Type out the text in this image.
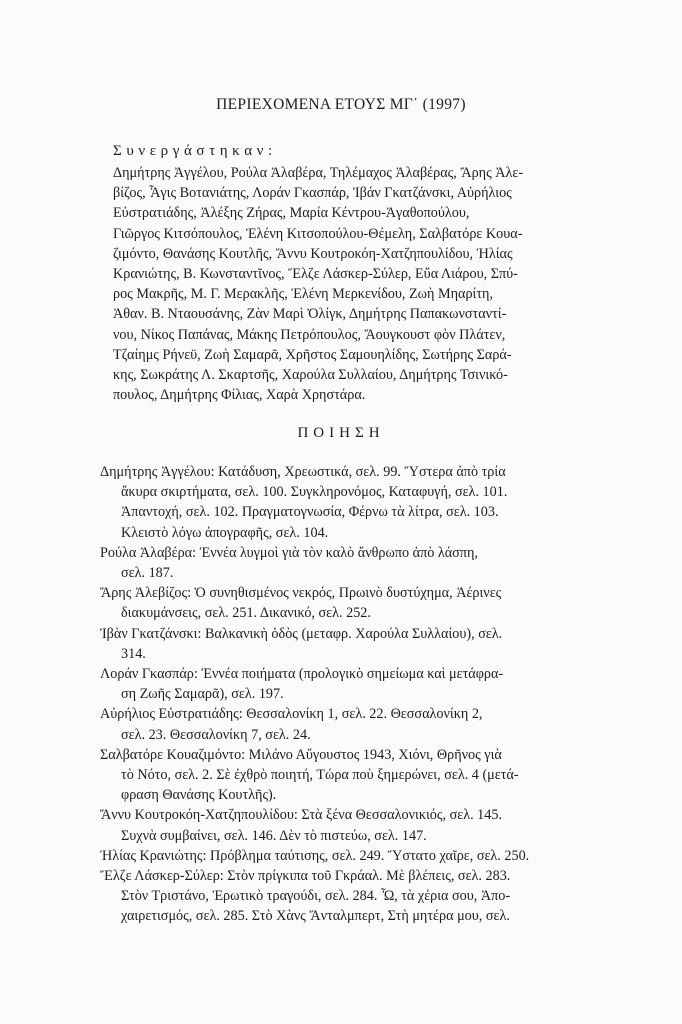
ΠΕΡΙΕΧΟΜΕΝΑ ΕΤΟΥΣ ΜΓ΄ (1997)
Συνεργάστηκαν:
Δημήτρης Ἀγγέλου, Ρούλα Ἀλαβέρα, Τηλέμαχος Ἀλαβέρας, Ἄρης Ἀλε-
βίζος, Ἆγις Βοτανιάτης, Λοράν Γκασπάρ, Ἰβάν Γκατζάνσκι, Αὐρήλιος
Εὐστρατιάδης, Ἀλέξης Ζήρας, Μαρία Κέντρου-Ἀγαθοπούλου,
Γιῶργος Κιτσόπουλος, Ἑλένη Κιτσοπούλου-Θέμελη, Σαλβατόρε Κουα-
ζιμόντο, Θανάσης Κουτλῆς, Ἄννυ Κουτροκόη-Χατζηπουλίδου, Ἠλίας
Κρανιώτης, Β. Κωνσταντῖνος, Ἔλζε Λάσκερ-Σύλερ, Εὔα Λιάρου, Σπύ-
ρος Μακρῆς, Μ. Γ. Μερακλῆς, Ἑλένη Μερκενίδου, Ζωὴ Μηαρίτη,
Ἀθαν. Β. Νταουσάνης, Ζὰν Μαρὶ Ὀλίγκ, Δημήτρης Παπακωνσταντί-
νου, Νίκος Παπάνας, Μάκης Πετρόπουλος, Ἄουγκουστ φὸν Πλάτεν,
Τζαίημς Ρήνεϋ, Ζωὴ Σαμαρᾶ, Χρῆστος Σαμουηλίδης, Σωτήρης Σαρά-
κης, Σωκράτης Λ. Σκαρτσῆς, Χαρούλα Συλλαίου, Δημήτρης Τσινικό-
πουλος, Δημήτρης Φίλιας, Χαρὰ Χρηστάρα.
ΠΟΙΗΣΗ
Δημήτρης Ἀγγέλου: Κατάδυση, Χρεωστικά, σελ. 99. Ὕστερα ἀπὸ τρία
ἄκυρα σκιρτήματα, σελ. 100. Συγκληρονόμος, Καταφυγή, σελ. 101.
Ἀπαντοχή, σελ. 102. Πραγματογνωσία, Φέρνω τὰ λίτρα, σελ. 103.
Κλειστὸ λόγω ἀπογραφῆς, σελ. 104.
Ρούλα Ἀλαβέρα: Ἐννέα λυγμοὶ γιὰ τὸν καλὸ ἄνθρωπο ἀπὸ λάσπη,
σελ. 187.
Ἄρης Ἀλεβίζος: Ὁ συνηθισμένος νεκρός, Πρωινὸ δυστύχημα, Ἀέρινες
διακυμάνσεις, σελ. 251. Δικανικό, σελ. 252.
Ἰβὰν Γκατζάνσκι: Βαλκανικὴ ὁδὸς (μεταφρ. Χαρούλα Συλλαίου), σελ.
314.
Λοράν Γκασπάρ: Ἐννέα ποιήματα (προλογικὸ σημείωμα καὶ μετάφρα-
ση Ζωῆς Σαμαρᾶ), σελ. 197.
Αὐρήλιος Εὐστρατιάδης: Θεσσαλονίκη 1, σελ. 22. Θεσσαλονίκη 2,
σελ. 23. Θεσσαλονίκη 7, σελ. 24.
Σαλβατόρε Κουαζιμόντο: Μιλάνο Αὔγουστος 1943, Χιόνι, Θρῆνος γιὰ
τὸ Νότο, σελ. 2. Σὲ ἐχθρὸ ποιητή, Τώρα ποὺ ξημερώνει, σελ. 4 (μετά-
φραση Θανάσης Κουτλῆς).
Ἄννυ Κουτροκόη-Χατζηπουλίδου: Στὰ ξένα Θεσσαλονικιός, σελ. 145.
Συχνὰ συμβαίνει, σελ. 146. Δὲν τὸ πιστεύω, σελ. 147.
Ἠλίας Κρανιώτης: Πρόβλημα ταύτισης, σελ. 249. Ὕστατο χαῖρε, σελ. 250.
Ἔλζε Λάσκερ-Σύλερ: Στὸν πρίγκιπα τοῦ Γκράαλ. Μὲ βλέπεις, σελ. 283.
Στὸν Τριστάνο, Ἐρωτικὸ τραγούδι, σελ. 284. Ὦ, τὰ χέρια σου, Ἀπο-
χαιρετισμός, σελ. 285. Στὸ Χὰνς Ἄνταλμπερτ, Στὴ μητέρα μου, σελ.
